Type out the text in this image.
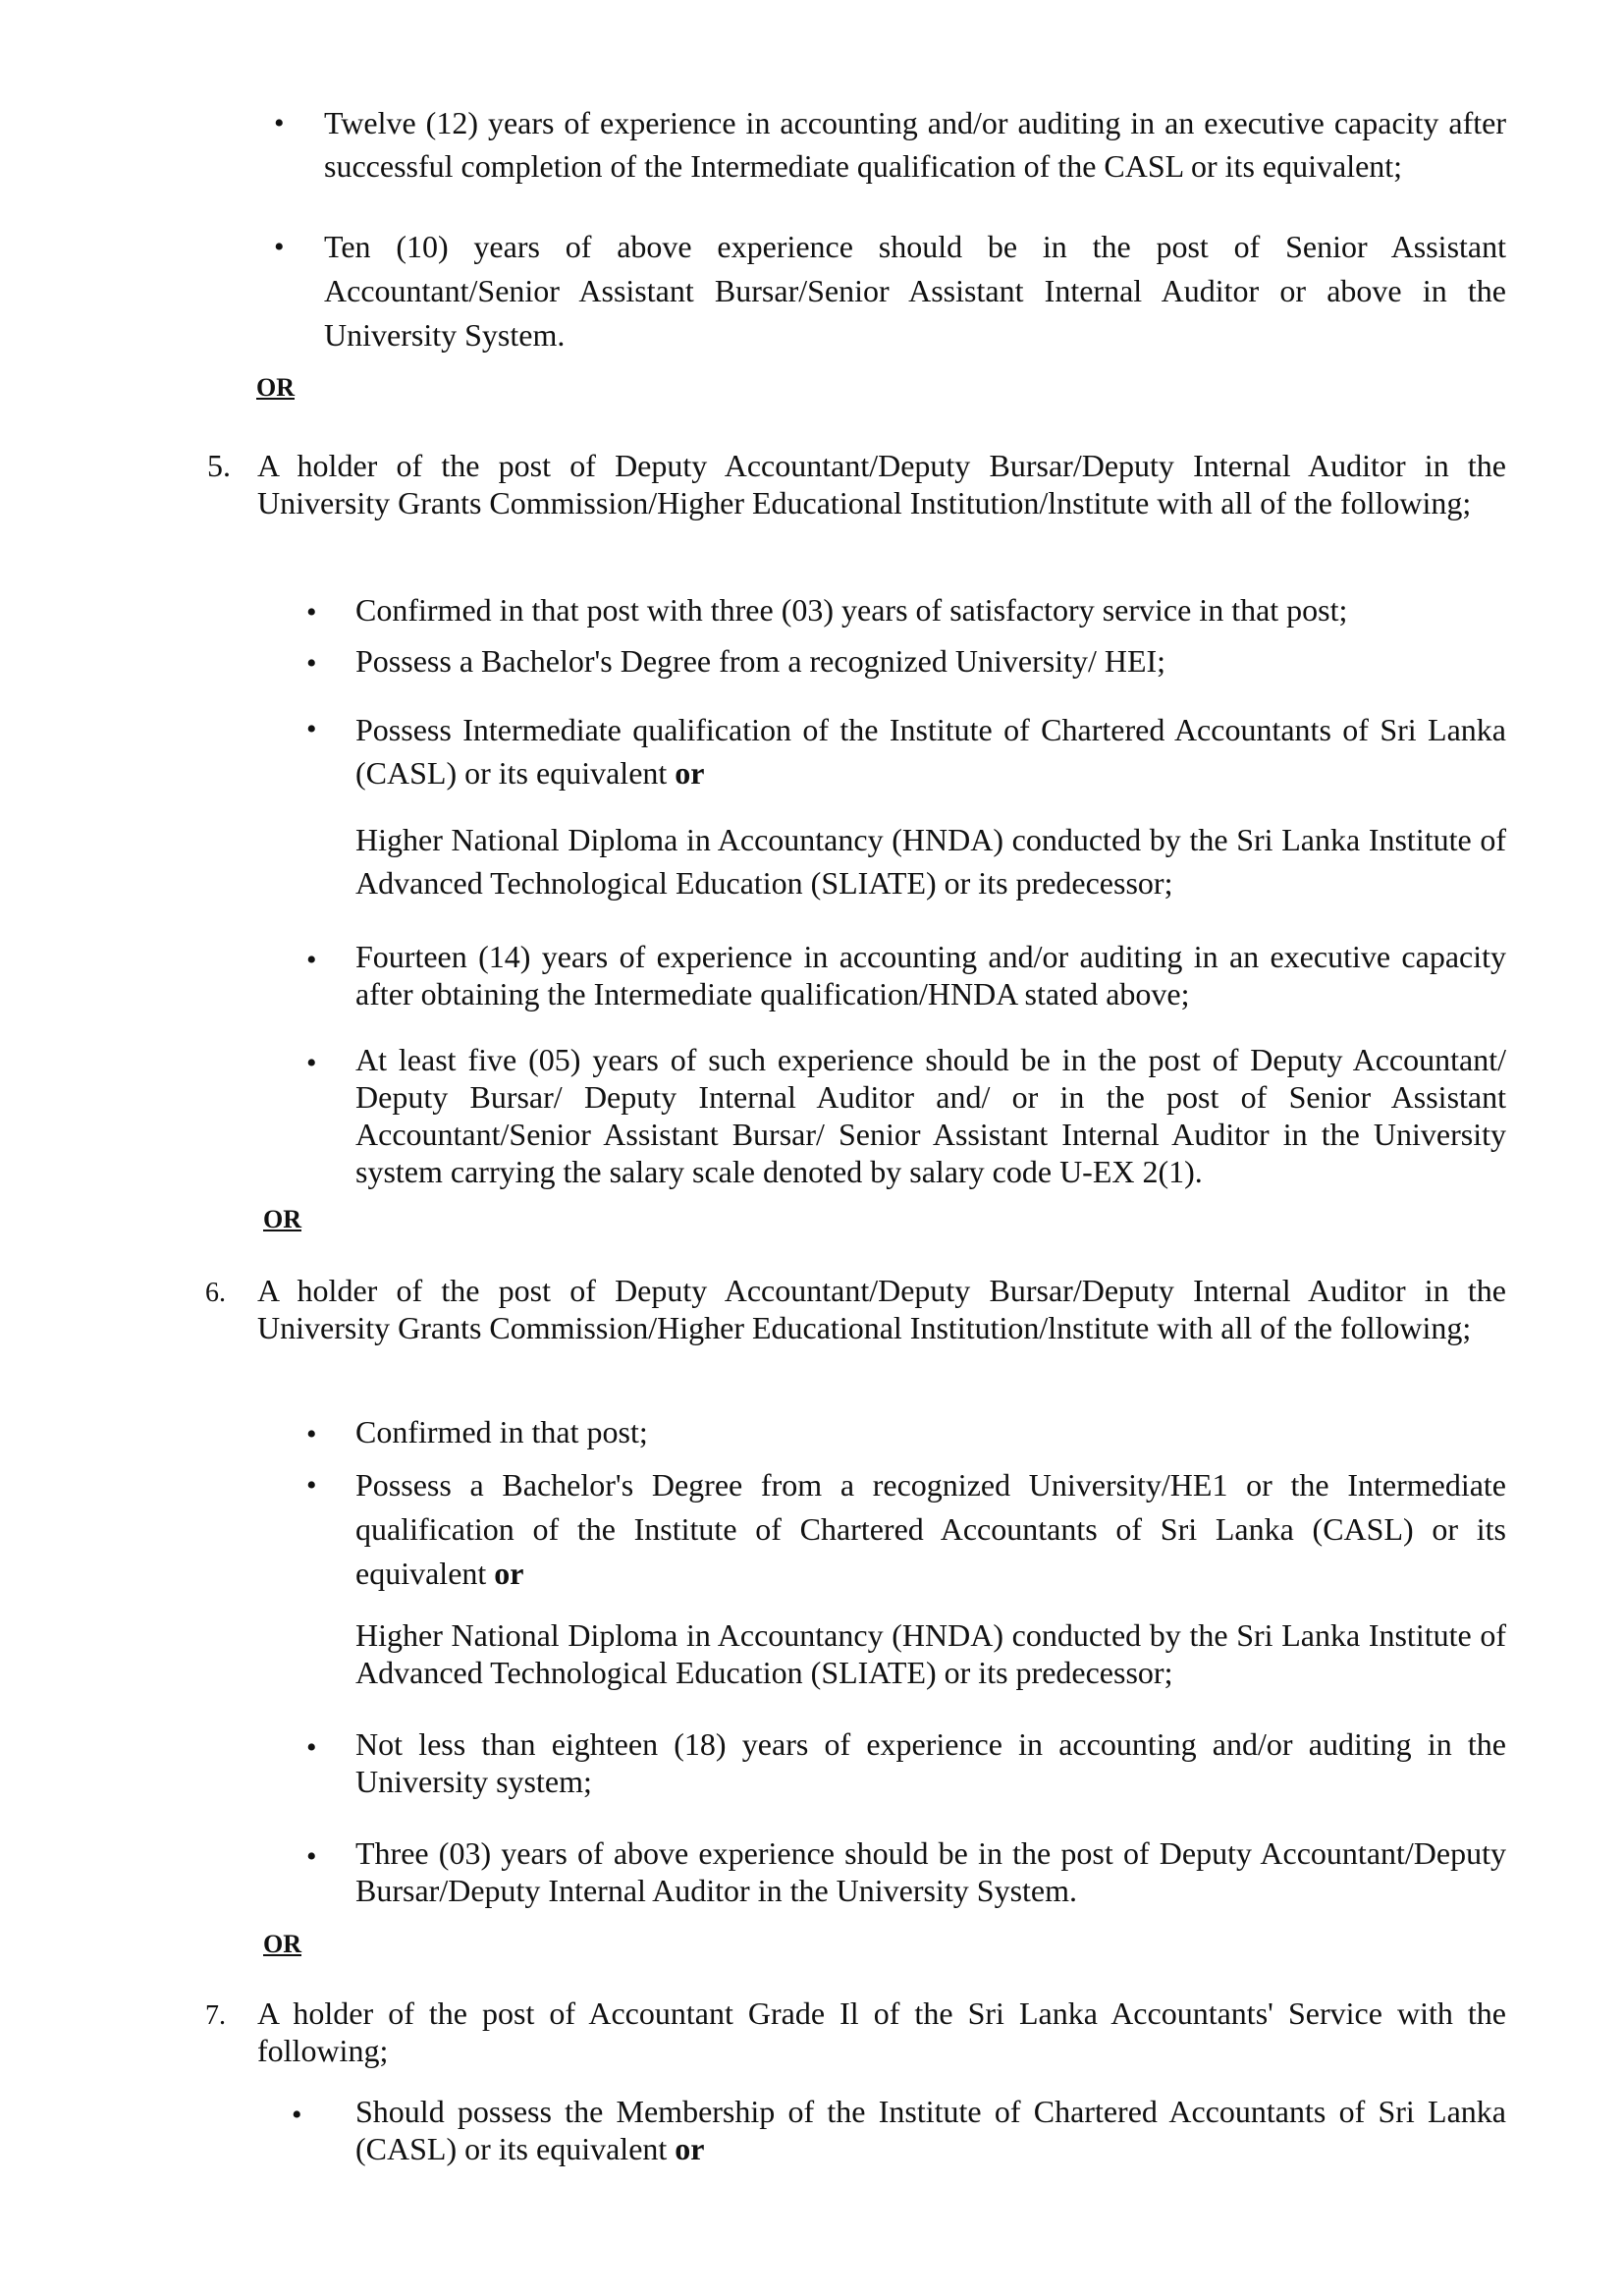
• Twelve (12) years of experience in accounting and/or auditing in an executive capacity after successful completion of the Intermediate qualification of the CASL or its equivalent;
• Ten (10) years of above experience should be in the post of Senior Assistant Accountant/Senior Assistant Bursar/Senior Assistant Internal Auditor or above in the University System.
OR
5. A holder of the post of Deputy Accountant/Deputy Bursar/Deputy Internal Auditor in the University Grants Commission/Higher Educational Institution/lnstitute with all of the following;
• Confirmed in that post with three (03) years of satisfactory service in that post;
• Possess a Bachelor's Degree from a recognized University/ HEI;
• Possess Intermediate qualification of the Institute of Chartered Accountants of Sri Lanka (CASL) or its equivalent or
Higher National Diploma in Accountancy (HNDA) conducted by the Sri Lanka Institute of Advanced Technological Education (SLIATE) or its predecessor;
• Fourteen (14) years of experience in accounting and/or auditing in an executive capacity after obtaining the Intermediate qualification/HNDA stated above;
• At least five (05) years of such experience should be in the post of Deputy Accountant/ Deputy Bursar/ Deputy Internal Auditor and/ or in the post of Senior Assistant Accountant/Senior Assistant Bursar/ Senior Assistant Internal Auditor in the University system carrying the salary scale denoted by salary code U-EX 2(1).
OR
6. A holder of the post of Deputy Accountant/Deputy Bursar/Deputy Internal Auditor in the University Grants Commission/Higher Educational Institution/lnstitute with all of the following;
• Confirmed in that post;
• Possess a Bachelor's Degree from a recognized University/HE1 or the Intermediate qualification of the Institute of Chartered Accountants of Sri Lanka (CASL) or its equivalent or
Higher National Diploma in Accountancy (HNDA) conducted by the Sri Lanka Institute of Advanced Technological Education (SLIATE) or its predecessor;
• Not less than eighteen (18) years of experience in accounting and/or auditing in the University system;
• Three (03) years of above experience should be in the post of Deputy Accountant/Deputy Bursar/Deputy Internal Auditor in the University System.
OR
7. A holder of the post of Accountant Grade Il of the Sri Lanka Accountants' Service with the following;
• Should possess the Membership of the Institute of Chartered Accountants of Sri Lanka (CASL) or its equivalent or
